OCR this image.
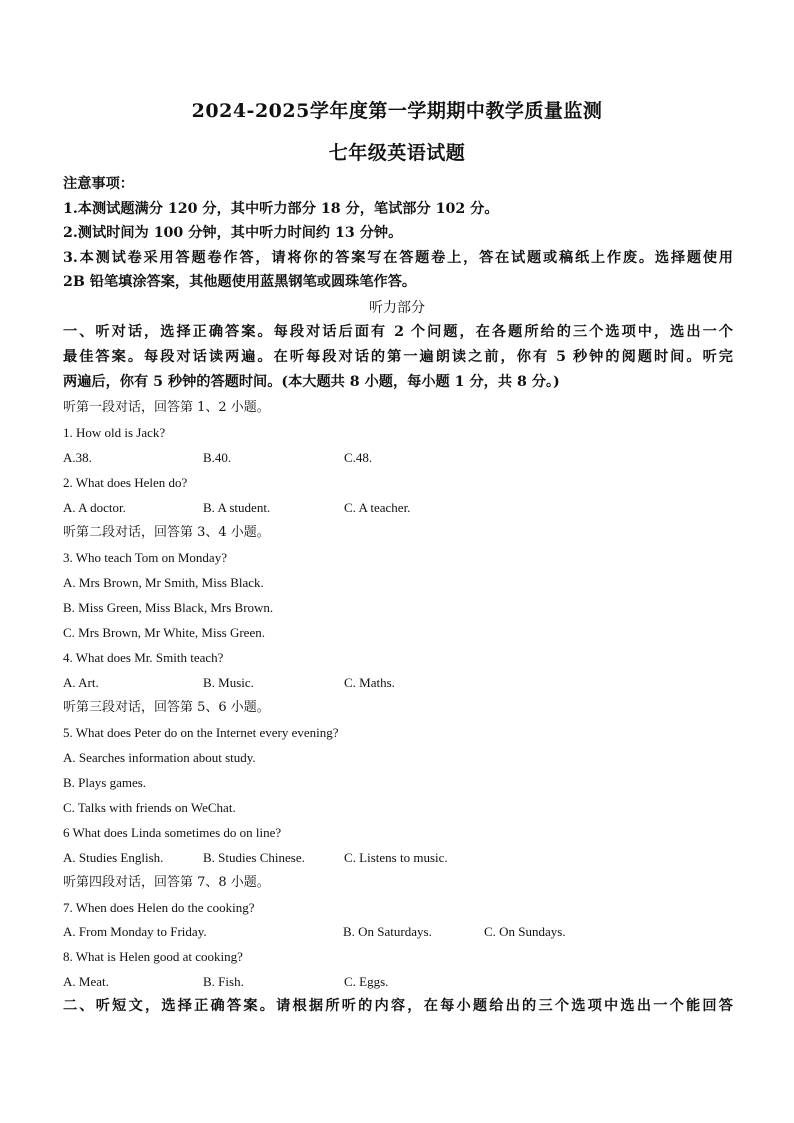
2024-2025学年度第一学期期中教学质量监测
七年级英语试题
注意事项：
1.本测试题满分 120 分，其中听力部分 18 分，笔试部分 102 分。
2.测试时间为 100 分钟，其中听力时间约 13 分钟。
3.本测试卷采用答题卷作答，请将你的答案写在答题卷上，答在试题或稿纸上作废。选择题使用
2B 铅笔填涂答案，其他题使用蓝黑钢笔或圆珠笔作答。
听力部分
一、听对话，选择正确答案。每段对话后面有 2 个问题，在各题所给的三个选项中，选出一个
最佳答案。每段对话读两遍。在听每段对话的第一遍朗读之前，你有 5 秒钟的阅题时间。听完
两遍后，你有 5 秒钟的答题时间。(本大题共 8 小题，每小题 1 分，共 8 分。)
听第一段对话，回答第 1、2 小题。
1. How old is Jack?
A.38.	B.40.	C.48.
2. What does Helen do?
A. A doctor.	B. A student.	C. A teacher.
听第二段对话，回答第 3、4 小题。
3. Who teach Tom on Monday?
A. Mrs Brown, Mr Smith, Miss Black.
B. Miss Green, Miss Black, Mrs Brown.
C. Mrs Brown, Mr White, Miss Green.
4. What does Mr. Smith teach?
A. Art.	B. Music.	C. Maths.
听第三段对话，回答第 5、6 小题。
5. What does Peter do on the Internet every evening?
A. Searches information about study.
B. Plays games.
C. Talks with friends on WeChat.
6 What does Linda sometimes do on line?
A. Studies English.	B. Studies Chinese.	C. Listens to music.
听第四段对话，回答第 7、8 小题。
7. When does Helen do the cooking?
A. From Monday to Friday.	B. On Saturdays.	C. On Sundays.
8. What is Helen good at cooking?
A. Meat.	B. Fish.	C. Eggs.
二、听短文，选择正确答案。请根据所听的内容，在每小题给出的三个选项中选出一个能回答
